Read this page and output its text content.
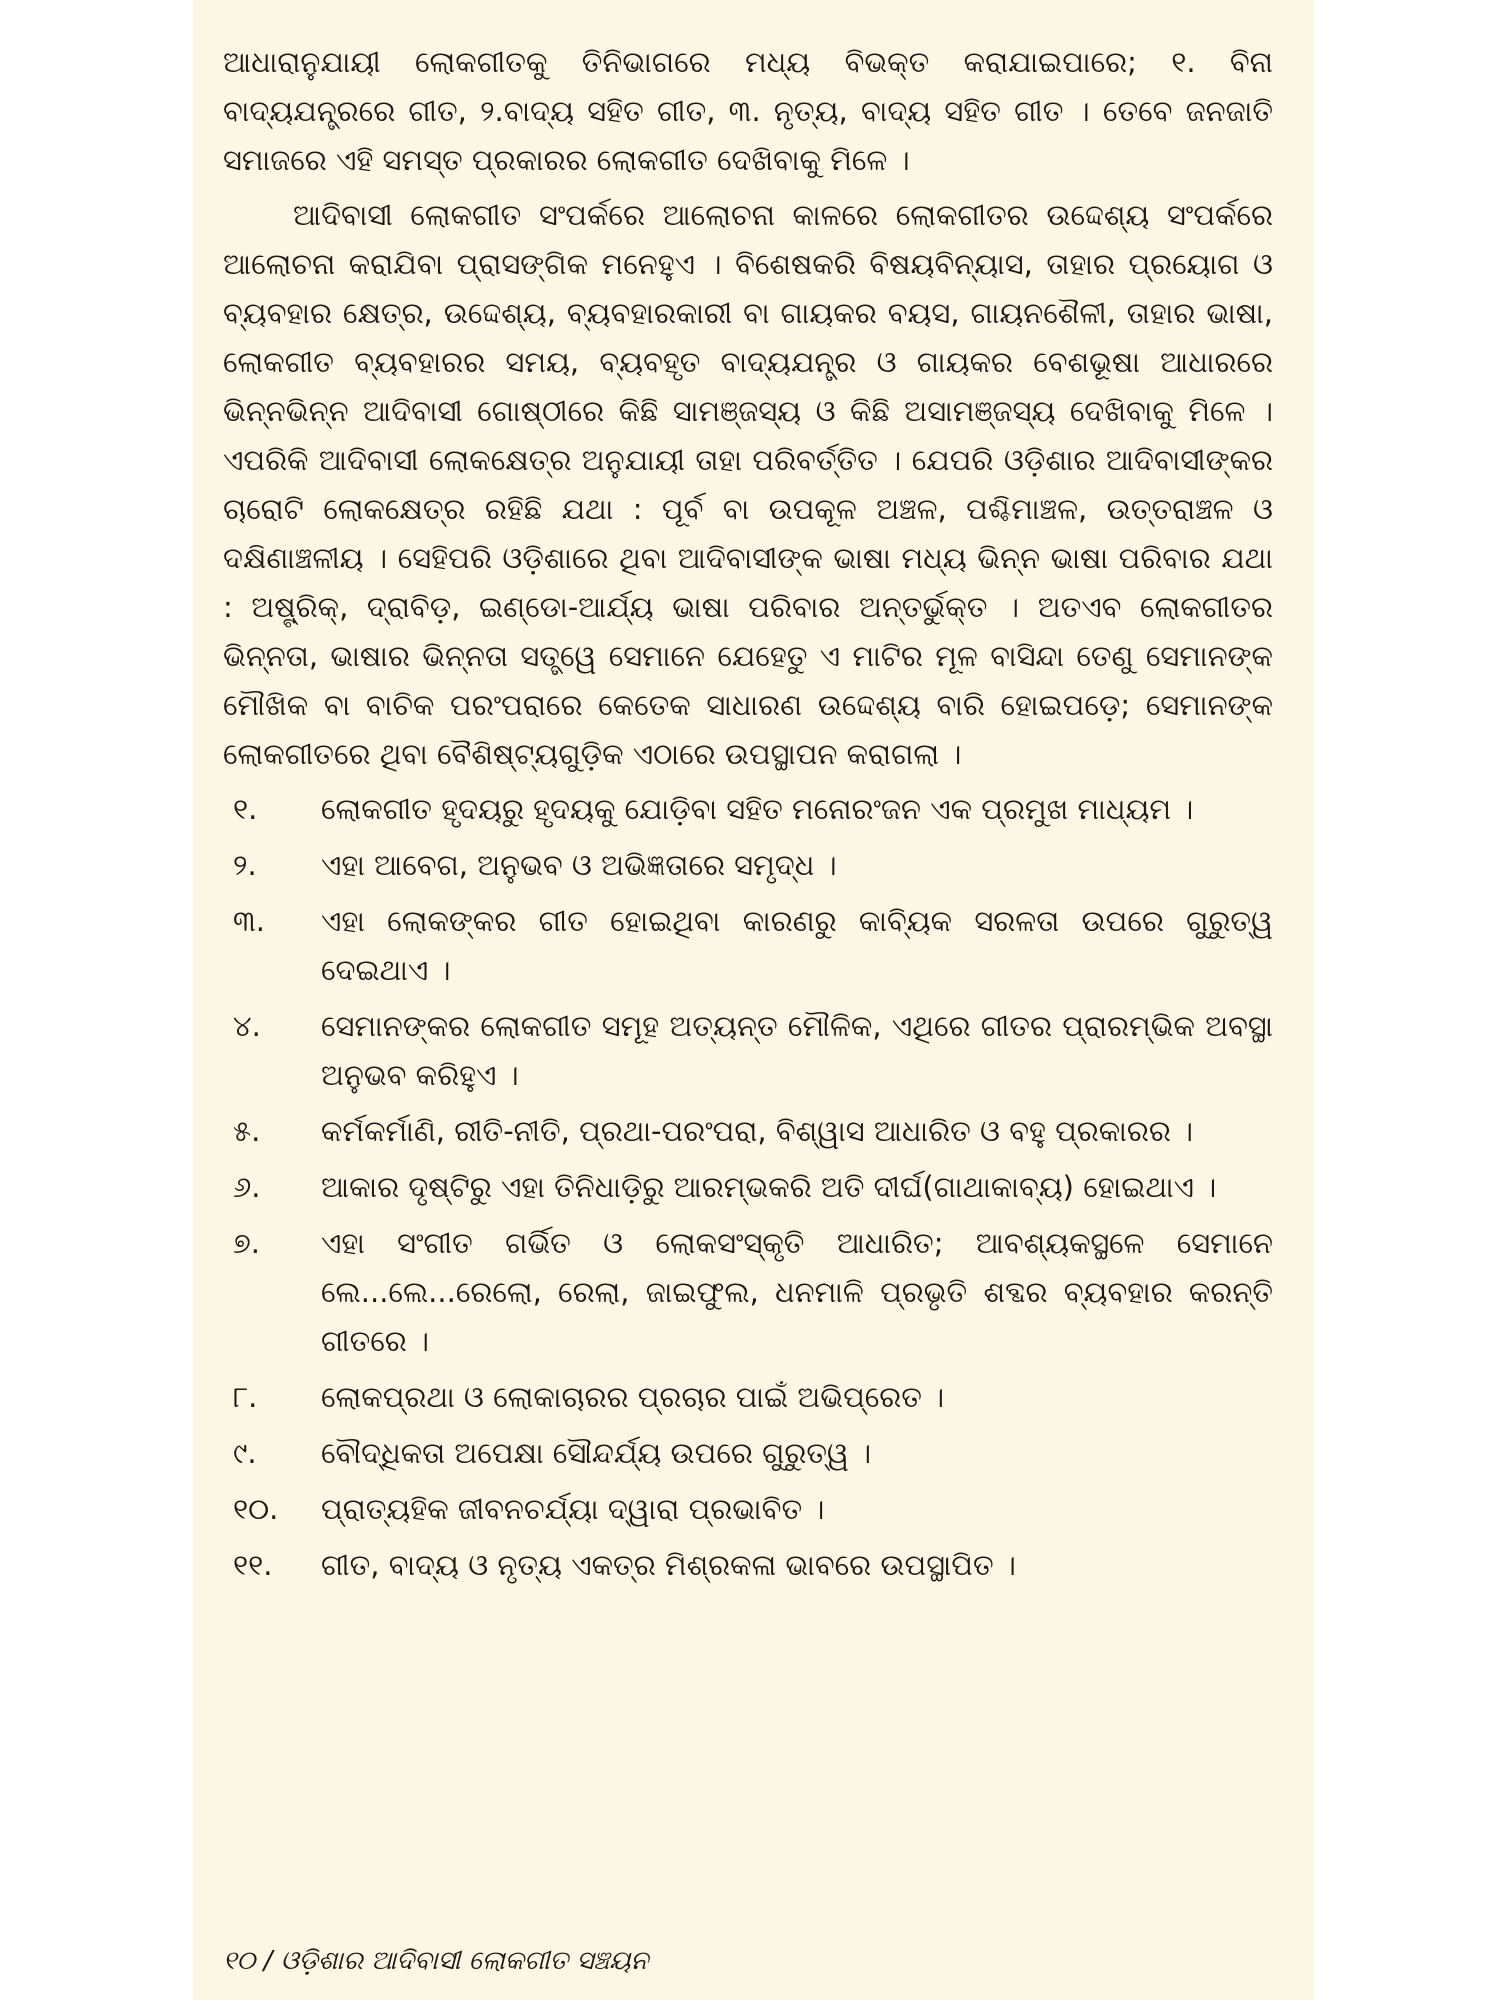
ଆଧାରାନୁଯାୟୀ ଲୋକଗୀତକୁ ତିନିଭାଗରେ ମଧ୍ୟ ବିଭକ୍ତ କରାଯାଇପାରେ; ୧. ବିନା ବାଦ୍ୟଯନ୍ତ୍ରରେ ଗୀତ, ୨.ବାଦ୍ୟ ସହିତ ଗୀତ, ୩. ନୃତ୍ୟ, ବାଦ୍ୟ ସହିତ ଗୀତ । ତେବେ ଜନଜାତି ସମାଜରେ ଏହି ସମସ୍ତ ପ୍ରକାରର ଲୋକଗୀତ ଦେଖିବାକୁ ମିଳେ ।

ଆଦିବାସୀ ଲୋକଗୀତ ସଂପର୍କରେ ଆଲୋଚନା କାଳରେ ଲୋକଗୀତର ଉଦ୍ଦେଶ୍ୟ ସଂପର୍କରେ ଆଲୋଚନା କରାଯିବା ପ୍ରାସଙ୍ଗିକ ମନେହୁଏ । ବିଶେଷକରି ବିଷୟବିନ୍ୟାସ, ତାହାର ପ୍ରୟୋଗ ଓ ବ୍ୟବହାର କ୍ଷେତ୍ର, ଉଦ୍ଦେଶ୍ୟ, ବ୍ୟବହାରକାରୀ ବା ଗାୟକର ବୟସ, ଗାୟନଶୈଳୀ, ତାହାର ଭାଷା, ଲୋକଗୀତ ବ୍ୟବହାରର ସମୟ, ବ୍ୟବହୃତ ବାଦ୍ୟଯନ୍ତ୍ର ଓ ଗାୟକର ବେଶଭୂଷା ଆଧାରରେ ଭିନ୍ନଭିନ୍ନ ଆଦିବାସୀ ଗୋଷ୍ଠୀରେ କିଛି ସାମଞ୍ଜସ୍ୟ ଓ କିଛି ଅସାମଞ୍ଜସ୍ୟ ଦେଖିବାକୁ ମିଳେ । ଏପରିକି ଆଦିବାସୀ ଲୋକକ୍ଷେତ୍ର ଅନୁଯାୟୀ ତାହା ପରିବର୍ତ୍ତିତ । ଯେପରି ଓଡ଼ିଶାର ଆଦିବାସୀଙ୍କର ଚାରୋଟି ଲୋକକ୍ଷେତ୍ର ରହିଛି ଯଥା : ପୂର୍ବ ବା ଉପକୂଳ ଅଞ୍ଚଳ, ପଶ୍ଚିମାଞ୍ଚଳ, ଉତ୍ତରାଞ୍ଚଳ ଓ ଦକ୍ଷିଣାଞ୍ଚଳୀୟ । ସେହିପରି ଓଡ଼ିଶାରେ ଥିବା ଆଦିବାସୀଙ୍କ ଭାଷା ମଧ୍ୟ ଭିନ୍ନ ଭାଷା ପରିବାର ଯଥା : ଅଷ୍ଟ୍ରିକ୍, ଦ୍ରାବିଡ଼, ଇଣ୍ଡୋ-ଆର୍ଯ୍ୟ ଭାଷା ପରିବାର ଅନ୍ତର୍ଭୁକ୍ତ । ଅତଏବ ଲୋକଗୀତର ଭିନ୍ନତା, ଭାଷାର ଭିନ୍ନତା ସତ୍ତ୍ୱେ ସେମାନେ ଯେହେତୁ ଏ ମାଟିର ମୂଳ ବାସିନ୍ଦା ତେଣୁ ସେମାନଙ୍କ ମୌଖିକ ବା ବାଚିକ ପରଂପରାରେ କେତେକ ସାଧାରଣ ଉଦ୍ଦେଶ୍ୟ ବାରି ହୋଇପଡ଼େ; ସେମାନଙ୍କ ଲୋକଗୀତରେ ଥିବା ବୈଶିଷ୍ଟ୍ୟଗୁଡ଼ିକ ଏଠାରେ ଉପସ୍ଥାପନ କରାଗଲା ।

୧.	ଲୋକଗୀତ ହୃଦୟରୁ ହୃଦୟକୁ ଯୋଡ଼ିବା ସହିତ ମନୋରଂଜନ ଏକ ପ୍ରମୁଖ ମାଧ୍ୟମ ।
୨.	ଏହା ଆବେଗ, ଅନୁଭବ ଓ ଅଭିଜ୍ଞତାରେ ସମୃଦ୍ଧ ।
୩.	ଏହା ଲୋକଙ୍କର ଗୀତ ହୋଇଥିବା କାରଣରୁ କାବ୍ୟିକ ସରଳତା ଉପରେ ଗୁରୁତ୍ୱ ଦେଇଥାଏ ।
୪.	ସେମାନଙ୍କର ଲୋକଗୀତ ସମୂହ ଅତ୍ୟନ୍ତ ମୌଳିକ, ଏଥିରେ ଗୀତର ପ୍ରାରମ୍ଭିକ ଅବସ୍ଥା ଅନୁଭବ କରିହୁଏ ।
୫.	କର୍ମକର୍ମାଣି, ରୀତି-ନୀତି, ପ୍ରଥା-ପରଂପରା, ବିଶ୍ୱାସ ଆଧାରିତ ଓ ବହୁ ପ୍ରକାରର ।
୬.	ଆକାର ଦୃଷ୍ଟିରୁ ଏହା ତିନିଧାଡ଼ିରୁ ଆରମ୍ଭକରି ଅତି ଦୀର୍ଘ(ଗାଥାକାବ୍ୟ) ହୋଇଥାଏ ।
୭.	ଏହା ସଂଗୀତ ଗର୍ଭିତ ଓ ଲୋକସଂସ୍କୃତି ଆଧାରିତ; ଆବଶ୍ୟକସ୍ଥଳେ ସେମାନେ ଲେ...ଲେ...ରେଲୋ, ରେଲା, ଜାଇଫୁଲ, ଧନମାଳି ପ୍ରଭୃତି ଶବ୍ଦର ବ୍ୟବହାର କରନ୍ତି ଗୀତରେ ।
୮.	ଲୋକପ୍ରଥା ଓ ଲୋକାଚାରର ପ୍ରଚାର ପାଇଁ ଅଭିପ୍ରେତ ।
୯.	ବୌଦ୍ଧିକତା ଅପେକ୍ଷା ସୌନ୍ଦର୍ଯ୍ୟ ଉପରେ ଗୁରୁତ୍ୱ ।
୧୦.	ପ୍ରାତ୍ୟହିକ ଜୀବନଚର୍ଯ୍ୟା ଦ୍ୱାରା ପ୍ରଭାବିତ ।
୧୧.	ଗୀତ, ବାଦ୍ୟ ଓ ନୃତ୍ୟ ଏକତ୍ର ମିଶ୍ରକଳା ଭାବରେ ଉପସ୍ଥାପିତ ।
୧୦ / ଓଡ଼ିଶାର ଆଦିବାସୀ ଲୋକଗୀତ ସଞ୍ଚୟନ
